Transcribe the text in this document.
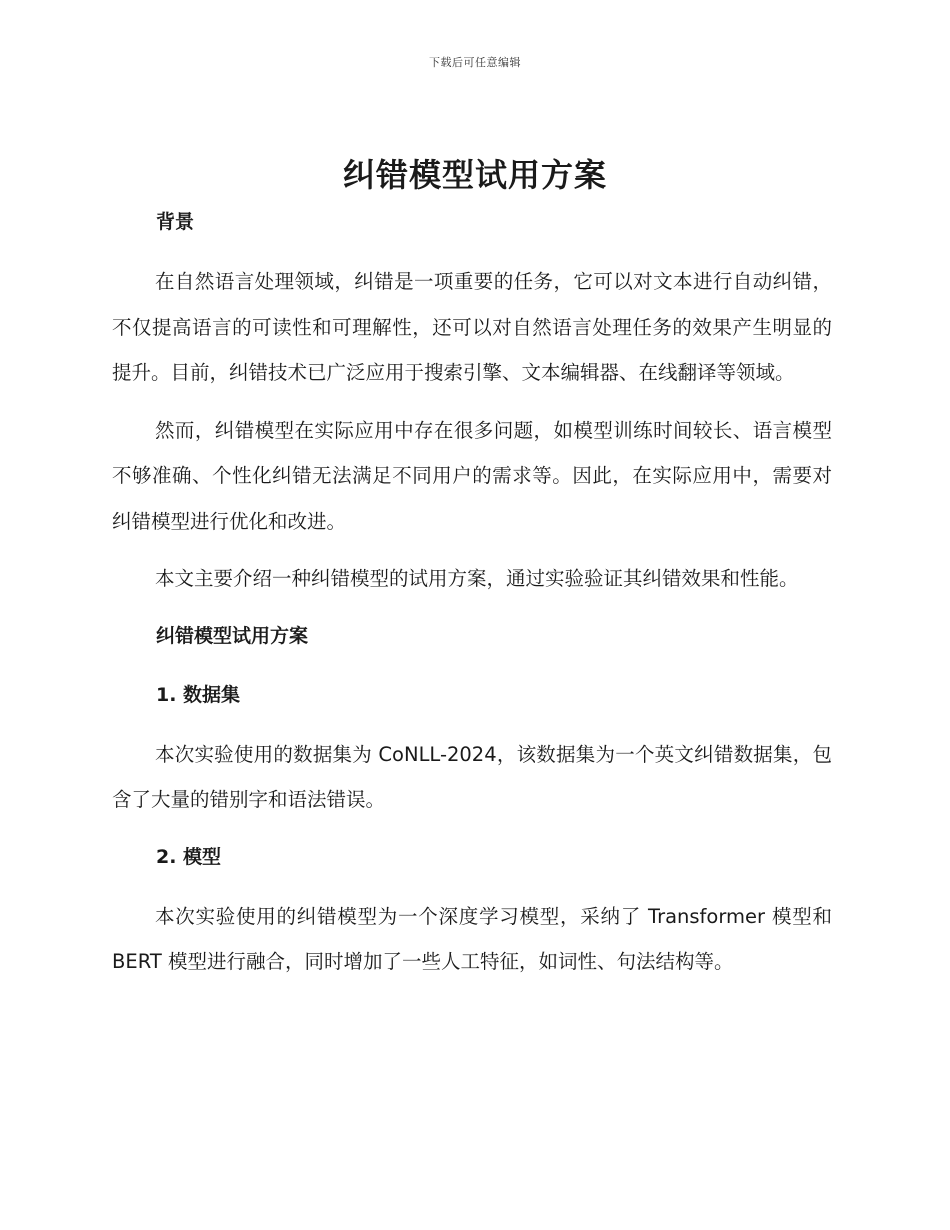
下载后可任意编辑
纠错模型试用方案
背景

在自然语言处理领域，纠错是一项重要的任务，它可以对文本进行自动纠错，不仅提高语言的可读性和可理解性，还可以对自然语言处理任务的效果产生明显的提升。目前，纠错技术已广泛应用于搜索引擎、文本编辑器、在线翻译等领域。

然而，纠错模型在实际应用中存在很多问题，如模型训练时间较长、语言模型不够准确、个性化纠错无法满足不同用户的需求等。因此，在实际应用中，需要对纠错模型进行优化和改进。

本文主要介绍一种纠错模型的试用方案，通过实验验证其纠错效果和性能。

纠错模型试用方案
1. 数据集

本次实验使用的数据集为 CoNLL-2024，该数据集为一个英文纠错数据集，包含了大量的错别字和语法错误。

2. 模型

本次实验使用的纠错模型为一个深度学习模型，采纳了 Transformer 模型和 BERT 模型进行融合，同时增加了一些人工特征，如词性、句法结构等。
